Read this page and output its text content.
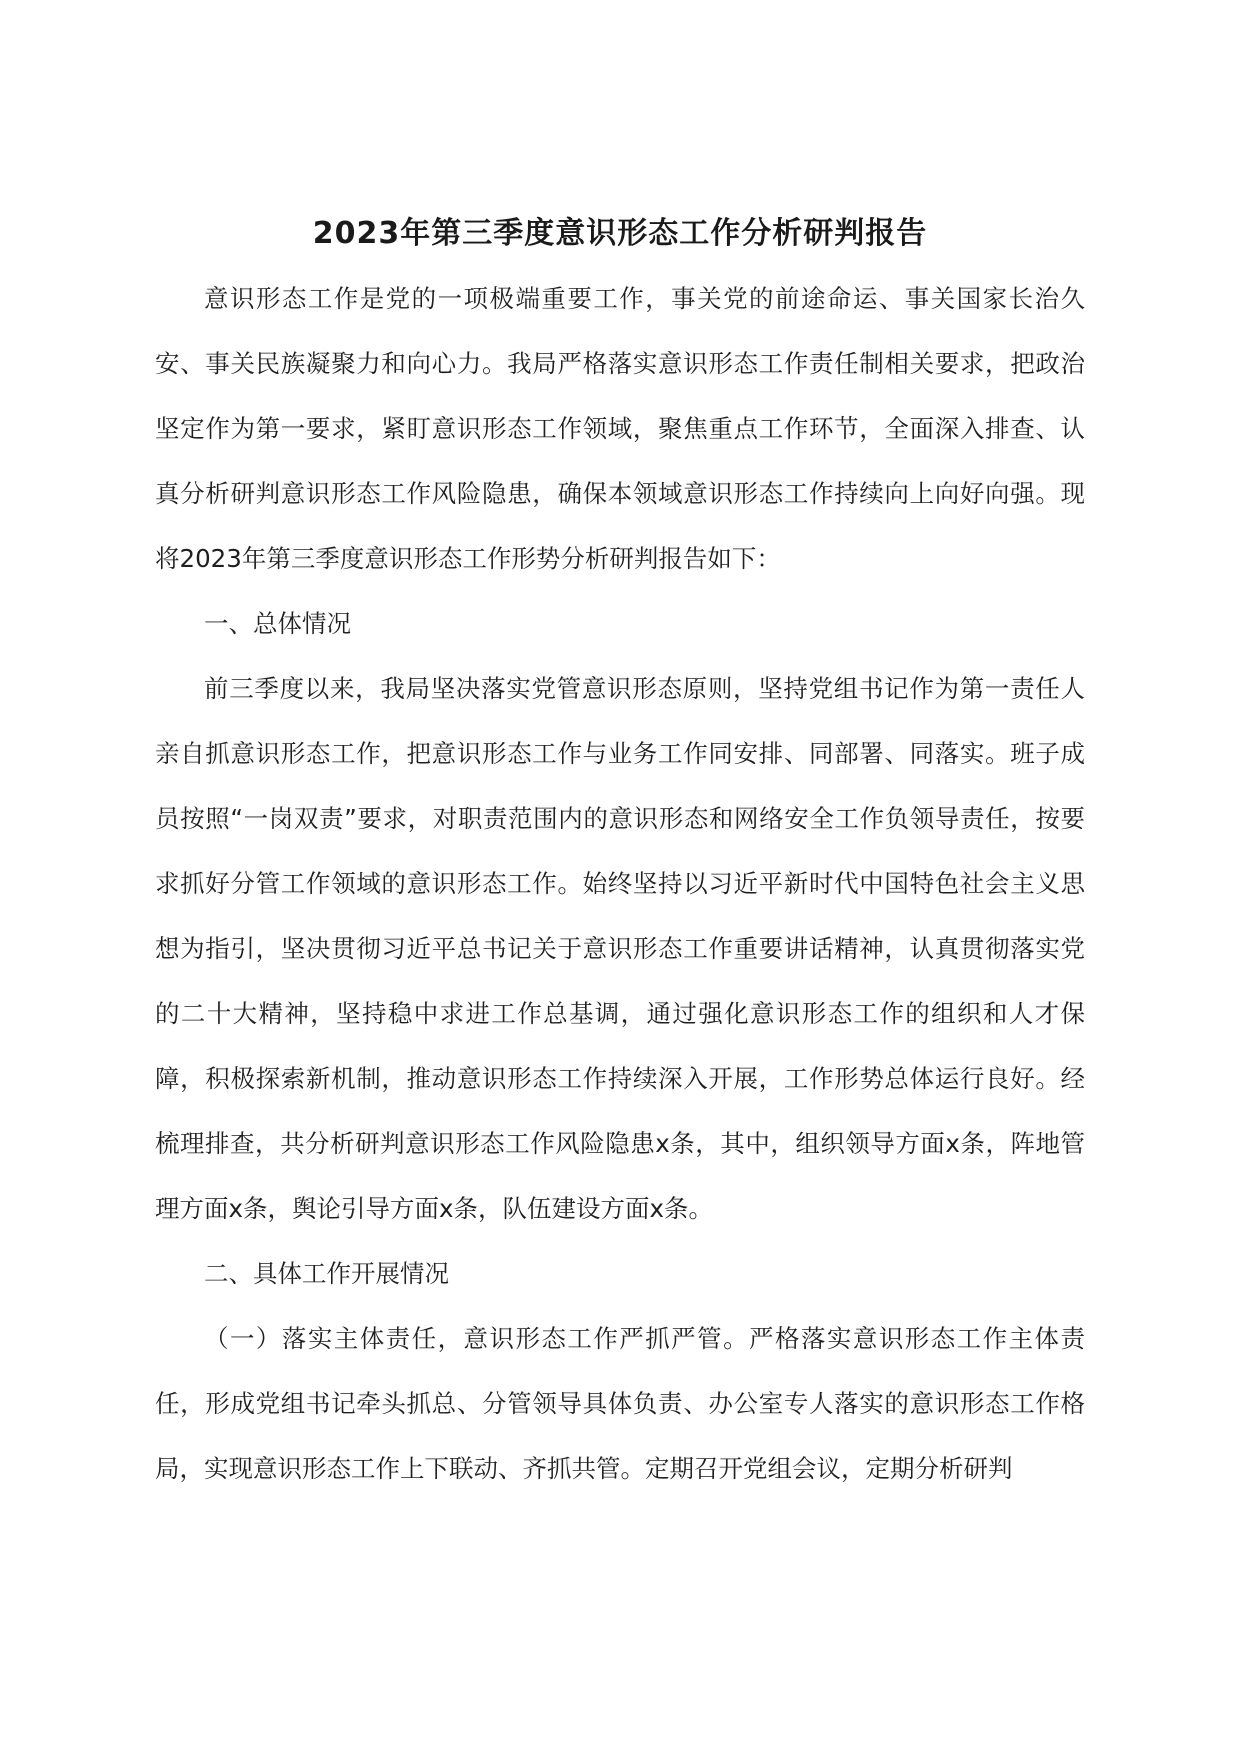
2023年第三季度意识形态工作分析研判报告

意识形态工作是党的一项极端重要工作，事关党的前途命运、事关国家长治久安、事关民族凝聚力和向心力。我局严格落实意识形态工作责任制相关要求，把政治坚定作为第一要求，紧盯意识形态工作领域，聚焦重点工作环节，全面深入排查、认真分析研判意识形态工作风险隐患，确保本领域意识形态工作持续向上向好向强。现将2023年第三季度意识形态工作形势分析研判报告如下：

一、总体情况

前三季度以来，我局坚决落实党管意识形态原则，坚持党组书记作为第一责任人亲自抓意识形态工作，把意识形态工作与业务工作同安排、同部署、同落实。班子成员按照“一岗双责”要求，对职责范围内的意识形态和网络安全工作负领导责任，按要求抓好分管工作领域的意识形态工作。始终坚持以习近平新时代中国特色社会主义思想为指引，坚决贯彻习近平总书记关于意识形态工作重要讲话精神，认真贯彻落实党的二十大精神，坚持稳中求进工作总基调，通过强化意识形态工作的组织和人才保障，积极探索新机制，推动意识形态工作持续深入开展，工作形势总体运行良好。经梳理排查，共分析研判意识形态工作风险隐患x条，其中，组织领导方面x条，阵地管理方面x条，舆论引导方面x条，队伍建设方面x条。

二、具体工作开展情况

（一）落实主体责任，意识形态工作严抓严管。严格落实意识形态工作主体责任，形成党组书记牵头抓总、分管领导具体负责、办公室专人落实的意识形态工作格局，实现意识形态工作上下联动、齐抓共管。定期召开党组会议，定期分析研判
